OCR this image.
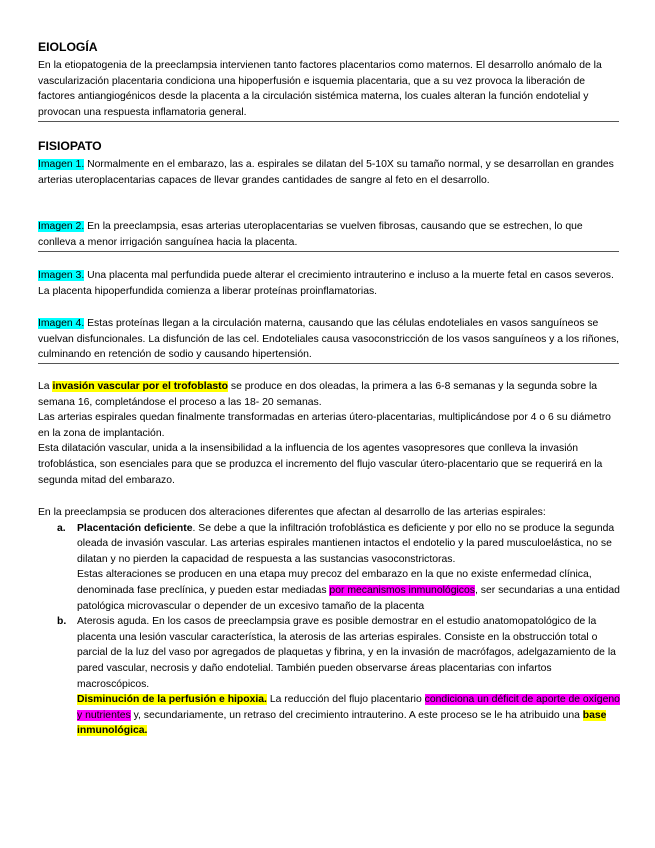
EIOLOGÍA

En la etiopatogenia de la preeclampsia intervienen tanto factores placentarios como maternos. El desarrollo anómalo de la vascularización placentaria condiciona una hipoperfusión e isquemia placentaria, que a su vez provoca la liberación de factores antiangiogénicos desde la placenta a la circulación sistémica materna, los cuales alteran la función endotelial y provocan una respuesta inflamatoria general.

FISIOPATO

Imagen 1. Normalmente en el embarazo, las a. espirales se dilatan del 5-10X su tamaño normal, y se desarrollan en grandes arterias uteroplacentarias capaces de llevar grandes cantidades de sangre al feto en el desarrollo.

Imagen 2. En la preeclampsia, esas arterias uteroplacentarias se vuelven fibrosas, causando que se estrechen, lo que conlleva a menor irrigación sanguínea hacia la placenta.

Imagen 3. Una placenta mal perfundida puede alterar el crecimiento intrauterino e incluso a la muerte fetal en casos severos. La placenta hipoperfundida comienza a liberar proteínas proinflamatorias.

Imagen 4. Estas proteínas llegan a la circulación materna, causando que las células endoteliales en vasos sanguíneos se vuelvan disfuncionales. La disfunción de las cel. Endoteliales causa vasoconstricción de los vasos sanguíneos y a los riñones, culminando en retención de sodio y causando hipertensión.

La invasión vascular por el trofoblasto se produce en dos oleadas, la primera a las 6-8 semanas y la segunda sobre la semana 16, completándose el proceso a las 18- 20 semanas.

Las arterias espirales quedan finalmente transformadas en arterias útero-placentarias, multiplicándose por 4 o 6 su diámetro en la zona de implantación.

Esta dilatación vascular, unida a la insensibilidad a la influencia de los agentes vasopresores que conlleva la invasión trofoblástica, son esenciales para que se produzca el incremento del flujo vascular útero-placentario que se requerirá en la segunda mitad del embarazo.

En la preeclampsia se producen dos alteraciones diferentes que afectan al desarrollo de las arterias espirales:

a. Placentación deficiente. Se debe a que la infiltración trofoblástica es deficiente y por ello no se produce la segunda oleada de invasión vascular. Las arterias espirales mantienen intactos el endotelio y la pared musculoelástica, no se dilatan y no pierden la capacidad de respuesta a las sustancias vasoconstrictoras.

Estas alteraciones se producen en una etapa muy precoz del embarazo en la que no existe enfermedad clínica, denominada fase preclínica, y pueden estar mediadas por mecanismos inmunológicos, ser secundarias a una entidad patológica microvascular o depender de un excesivo tamaño de la placenta

b. Aterosis aguda. En los casos de preeclampsia grave es posible demostrar en el estudio anatomopatológico de la placenta una lesión vascular característica, la aterosis de las arterias espirales. Consiste en la obstrucción total o parcial de la luz del vaso por agregados de plaquetas y fibrina, y en la invasión de macrófagos, adelgazamiento de la pared vascular, necrosis y daño endotelial. También pueden observarse áreas placentarias con infartos macroscópicos.

Disminución de la perfusión e hipoxia. La reducción del flujo placentario condiciona un déficit de aporte de oxígeno y nutrientes y, secundariamente, un retraso del crecimiento intrauterino. A este proceso se le ha atribuido una base inmunológica.
